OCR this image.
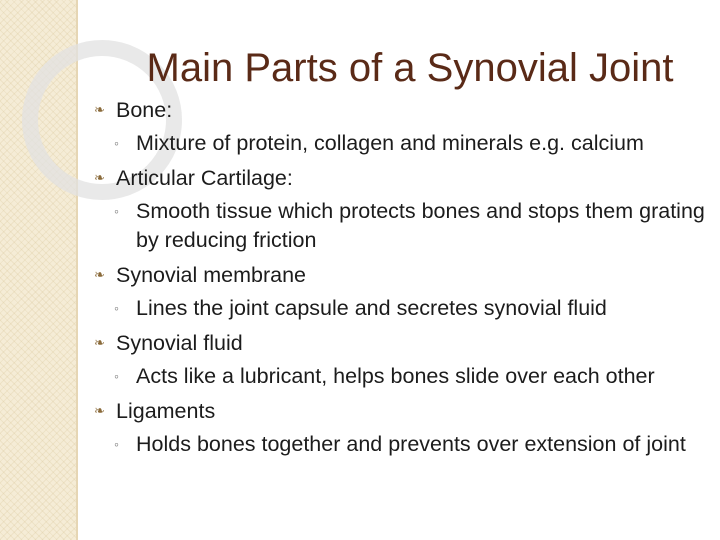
Main Parts of a Synovial Joint
❧ Bone:
◦ Mixture of protein, collagen and minerals e.g. calcium
❧ Articular Cartilage:
◦ Smooth tissue which protects bones and stops them grating by reducing friction
❧ Synovial membrane
◦ Lines the joint capsule and secretes synovial fluid
❧ Synovial fluid
◦ Acts like a lubricant, helps bones slide over each other
❧ Ligaments
◦ Holds bones together and prevents over extension of joint
